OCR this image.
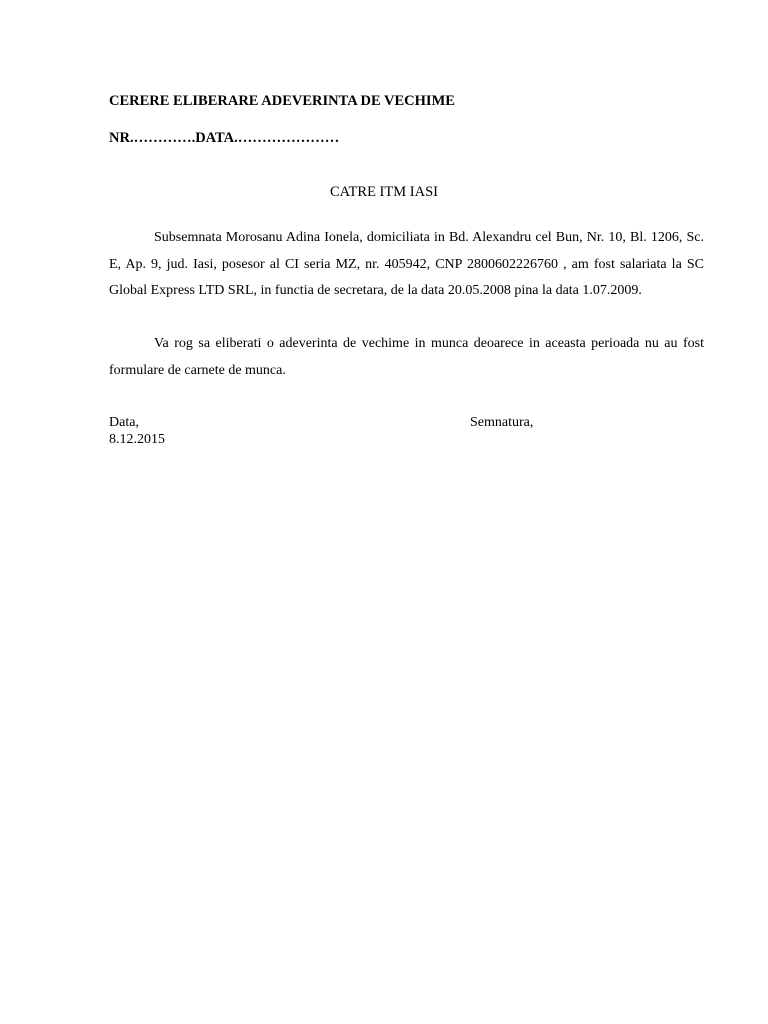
CERERE ELIBERARE ADEVERINTA DE VECHIME
NR.………….DATA.…………………
CATRE ITM IASI

Subsemnata Morosanu Adina Ionela, domiciliata in Bd. Alexandru cel Bun, Nr. 10, Bl. 1206, Sc. E, Ap. 9, jud. Iasi, posesor al CI seria MZ, nr. 405942, CNP 2800602226760 , am fost salariata la SC Global Express LTD SRL, in functia de secretara, de la data 20.05.2008 pina la data 1.07.2009.

Va rog sa eliberati o adeverinta de vechime in munca deoarece in aceasta perioada nu au fost formulare de carnete de munca.

Data,
8.12.2015
Semnatura,
